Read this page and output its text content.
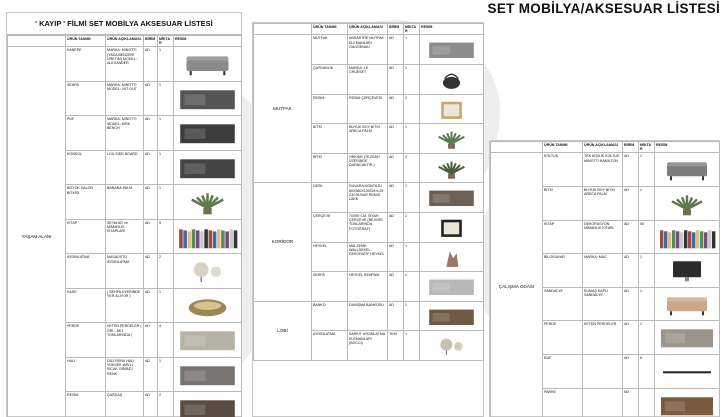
SET MOBİLYA/AKSESUAR LİSTESİ
' KAYIP ' FİLMİ SET MOBİLYA AKSESUAR LİSTESİ
	ÜRÜN TANIMI	ÜRÜN AÇIKLAMASI	BİRİM	MİKTAR	RESİM
YAŞAM ALANI	KANEPE	MARKA: MINOTTI (YADA BENZERİ ÜRETİM) MODEL: ALEXANDER	AD	1	

	SEHPA	MARKA: MINOTTI MODEL: JUT OUT	AD	1	

	PUF	MARKA: MINOTTI MODEL: KIRK BENCH	AD	1	

	KONSOL	LOU SIDE BOARD	AD	1	

	BOYOK SALON BİTKİSİ	BANANA PALM	AD	1	

	KİTAP	SEYAHAT ve MİMARLIK KİTAPLARI	AD	5	

	AYDINLATMA	MASAÜSTÜ AYDINLATMA	AD	2	

	KASE	( SEHPA ÜZERİNDE YER ALIYOR )	AD	1	

	PERDE	KETEN PERDELER ( GRİ - BEJ TONLARINDA )	AD	4	

	HALI	DÜZ RENK HALI YÜKSEK HAVLI SICAK GRİ/BEJ RENK	AD	1	

	RESİM	ÇAĞDAŞ	AD	2	
	ÜRÜN TANIMI	ÜRÜN AÇIKLAMASI	BİRİM	MİKTAR	RESİM
MUTFAK	MUTFAK	ANKASTRE MUTFAK ELEMANLARI GAGGENAU	AD	1	

	ÇAYDANLIK	MARKA: LE CRUESET	AD	1	

	RESİM	RESİM ÇERÇEVESİ	AD	2	

	BİTKİ	BÜYÜK BOY BİTKİ ARECA PALM	AD	1	

	BİTKİ	ORKİDE (TEZGAH ÜZERİNDE DURACAKTIR.)	AD	3	

KORİDOR	DESK	DUVARA MONTAJLI 80X380X100CM h:25 CM DUVAR RENGİ LAKE	AD	1	

	ÇERÇEVE	70X90 CM. SİYAH ÇERÇEVE (BEJ/GRİ TONLARINDA FOTOĞRAF)	AD	1	

	HEYKEL	MALZEME: WALLDEKEL DEKORATİF HEYKEL	AD	1	

	SEHPA	HEYKEL SEHPASI	AD	1	

LOBİ	BANKO	DANIŞMA BANKOSU	AD	1	

	AYDINLATMA	SARKIT AYDINLATMA ELEMANLARI (BOCCI)	TKM	1	
	ÜRÜN TANIMI	ÜRÜN AÇIKLAMASI	BİRİM	MİKTAR	RESİM
ÇALIŞMA ODASI	KOLTUK	TEK KİŞİLİK KOLTUK MİNOTTİ HAMILTON	AD	1	

	BİTKİ	BÜYÜK BOY BİTKİ ARECA PALM	AD	1	

	KİTAP	DEKORASYON MİMARLIK KİTABI	AD	50	

	BİLGİSAYAR	MARKA: MAC	AD	1	

	SANDALYE	KUMAŞ KAPLI SANDALYE	AD	1	

	PERDE	KETEN PERDELER	AD	1	

	RAF		AD	6	

	PARKE		M2		
